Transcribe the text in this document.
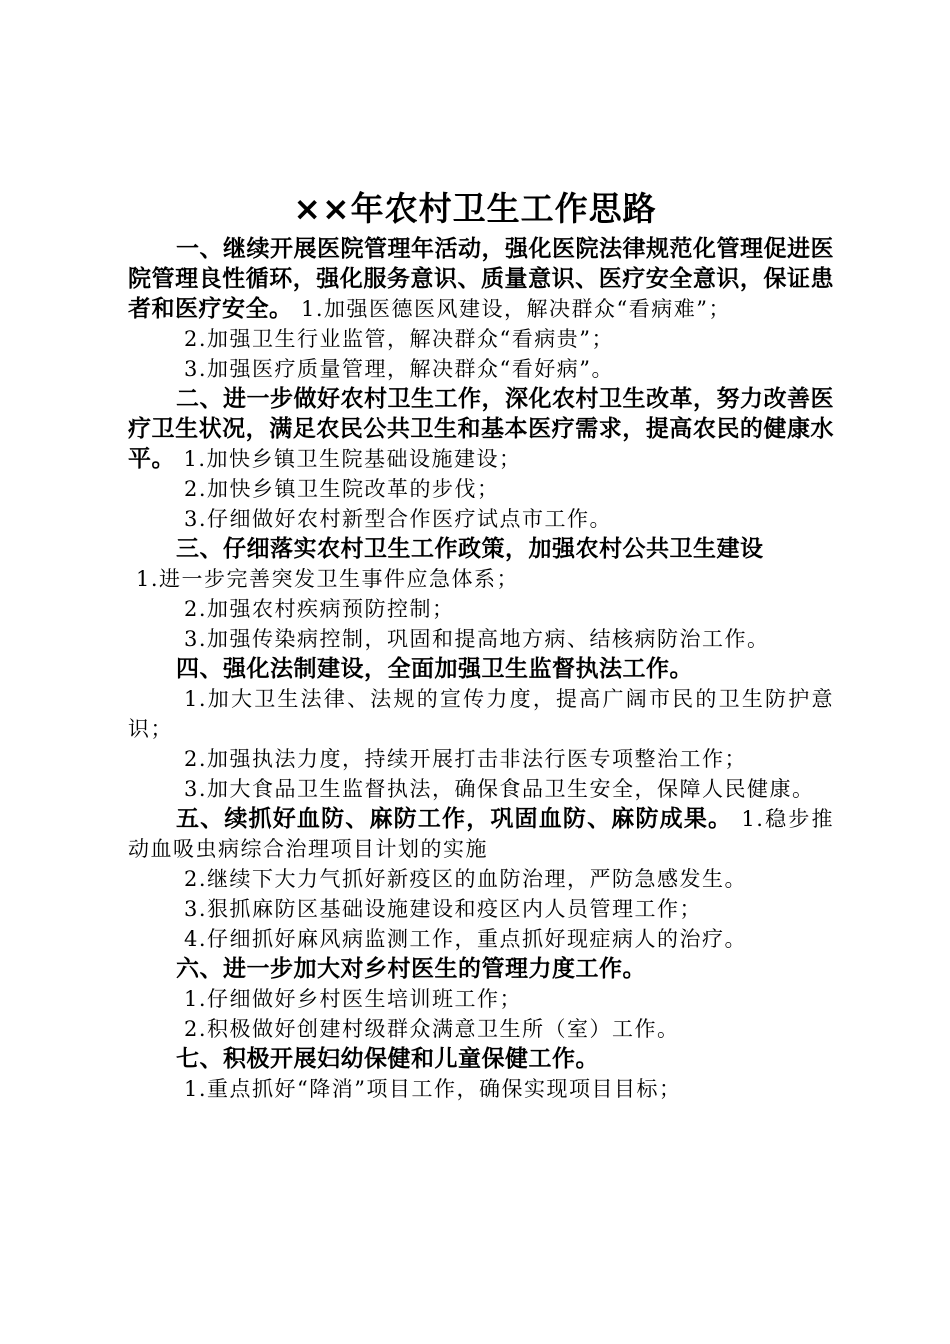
××年农村卫生工作思路
一、继续开展医院管理年活动，强化医院法律规范化管理促进医院管理良性循环，强化服务意识、质量意识、医疗安全意识，保证患者和医疗安全。 1.加强医德医风建设，解决群众“看病难”；
2.加强卫生行业监管，解决群众“看病贵”；
3.加强医疗质量管理，解决群众“看好病”。
二、进一步做好农村卫生工作，深化农村卫生改革，努力改善医疗卫生状况，满足农民公共卫生和基本医疗需求，提高农民的健康水平。 1.加快乡镇卫生院基础设施建设；
2.加快乡镇卫生院改革的步伐；
3.仔细做好农村新型合作医疗试点市工作。
三、仔细落实农村卫生工作政策，加强农村公共卫生建设
1.进一步完善突发卫生事件应急体系；
2.加强农村疾病预防控制；
3.加强传染病控制，巩固和提高地方病、结核病防治工作。
四、强化法制建设，全面加强卫生监督执法工作。
1.加大卫生法律、法规的宣传力度，提高广阔市民的卫生防护意识；
2.加强执法力度，持续开展打击非法行医专项整治工作；
3.加大食品卫生监督执法，确保食品卫生安全，保障人民健康。
五、续抓好血防、麻防工作，巩固血防、麻防成果。 1.稳步推动血吸虫病综合治理项目计划的实施
2.继续下大力气抓好新疫区的血防治理，严防急感发生。
3.狠抓麻防区基础设施建设和疫区内人员管理工作；
4.仔细抓好麻风病监测工作，重点抓好现症病人的治疗。
六、进一步加大对乡村医生的管理力度工作。
1.仔细做好乡村医生培训班工作；
2.积极做好创建村级群众满意卫生所（室）工作。
七、积极开展妇幼保健和儿童保健工作。
1.重点抓好“降消”项目工作，确保实现项目目标；
